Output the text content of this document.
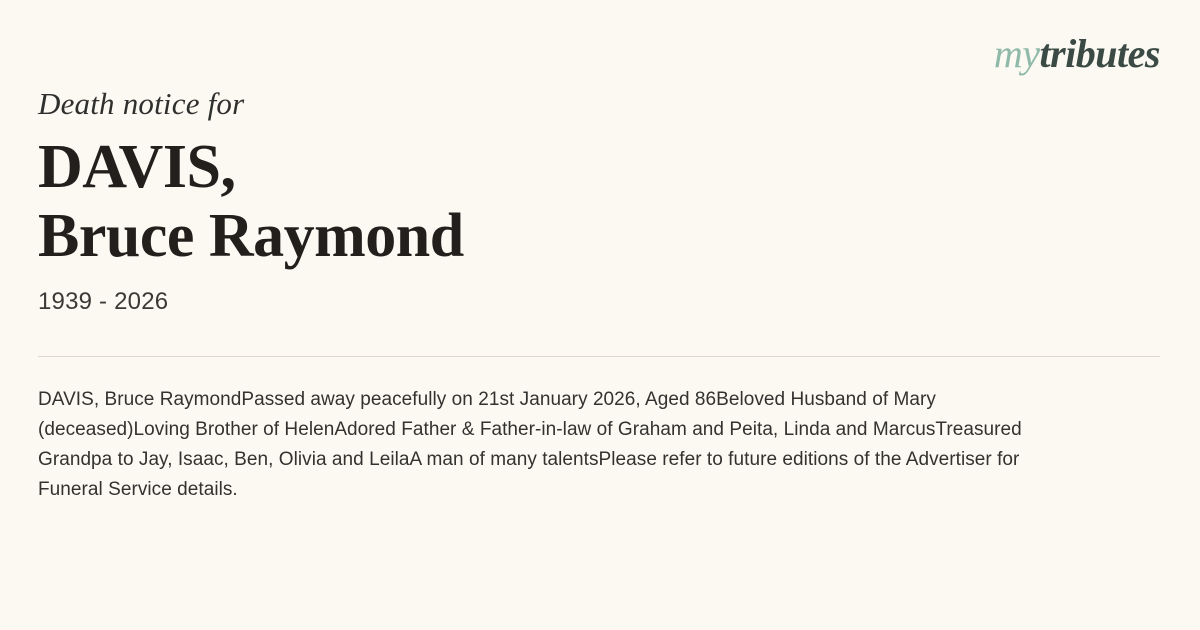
mytributes

Death notice for

DAVIS,
Bruce Raymond
1939 - 2026

DAVIS, Bruce RaymondPassed away peacefully on 21st January 2026, Aged 86Beloved Husband of Mary (deceased)Loving Brother of HelenAdored Father & Father-in-law of Graham and Peita, Linda and MarcusTreasured Grandpa to Jay, Isaac, Ben, Olivia and LeilaA man of many talentsPlease refer to future editions of the Advertiser for Funeral Service details.
